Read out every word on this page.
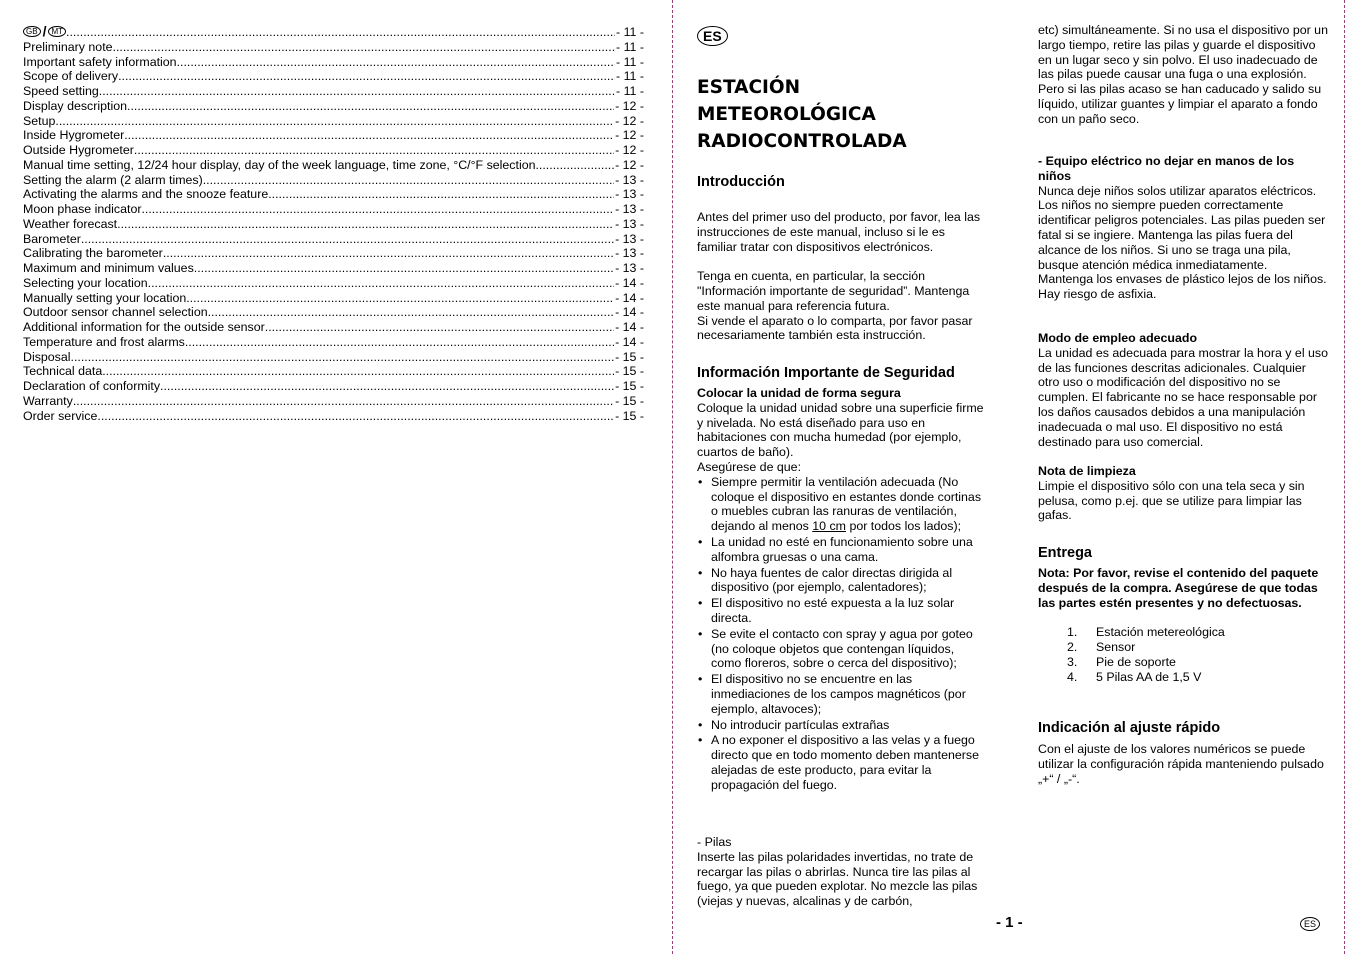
GB / MT .....	- 11 -
Preliminary note .....	- 11 -
Important safety information .....	- 11 -
Scope of delivery .....	- 11 -
Speed setting .....	- 11 -
Display description .....	- 12 -
Setup .....	- 12 -
Inside Hygrometer .....	- 12 -
Outside Hygrometer .....	- 12 -
Manual time setting, 12/24 hour display, day of the week language, time zone, °C/°F selection .....	- 12 -
Setting the alarm (2 alarm times) .....	- 13 -
Activating the alarms and the snooze feature .....	- 13 -
Moon phase indicator .....	- 13 -
Weather forecast .....	- 13 -
Barometer .....	- 13 -
Calibrating the barometer .....	- 13 -
Maximum and minimum values .....	- 13 -
Selecting your location .....	- 14 -
Manually setting your location .....	- 14 -
Outdoor sensor channel selection .....	- 14 -
Additional information for the outside sensor .....	- 14 -
Temperature and frost alarms .....	- 14 -
Disposal .....	- 15 -
Technical data .....	- 15 -
Declaration of conformity .....	- 15 -
Warranty .....	- 15 -
Order service .....	- 15 -
ES
ESTACIÓN
METEOROLÓGICA
RADIOCONTROLADA
Introducción

Antes del primer uso del producto, por favor, lea las instrucciones de este manual, incluso si le es familiar tratar con dispositivos electrónicos.

Tenga en cuenta, en particular, la sección "Información importante de seguridad”. Mantenga este manual para referencia futura.

Si vende el aparato o lo comparta, por favor pasar necesariamente también esta instrucción.

Información Importante de Seguridad

Colocar la unidad de forma segura

Coloque la unidad unidad sobre una superficie firme y nivelada. No está diseñado para uso en habitaciones con mucha humedad (por ejemplo, cuartos de baño).

Asegúrese de que:

• Siempre permitir la ventilación adecuada (No coloque el dispositivo en estantes donde cortinas o muebles cubran las ranuras de ventilación, dejando al menos 10 cm por todos los lados);
• La unidad no esté en funcionamiento sobre una alfombra gruesas o una cama.
• No haya fuentes de calor directas dirigida al dispositivo (por ejemplo, calentadores);
• El dispositivo no esté expuesta a la luz solar directa.
• Se evite el contacto con spray y agua por goteo (no coloque objetos que contengan líquidos, como floreros, sobre o cerca del dispositivo);
• El dispositivo no se encuentre en las inmediaciones de los campos magnéticos (por ejemplo, altavoces);
• No introducir partículas extrañas
• A no exponer el dispositivo a las velas y a fuego directo que en todo momento deben mantenerse alejadas de este producto, para evitar la propagación del fuego.

- Pilas

Inserte las pilas polaridades invertidas, no trate de recargar las pilas o abrirlas. Nunca tire las pilas al fuego, ya que pueden explotar. No mezcle las pilas (viejas y nuevas, alcalinas y de carbón,

etc) simultáneamente. Si no usa el dispositivo por un largo tiempo, retire las pilas y guarde el dispositivo en un lugar seco y sin polvo. El uso inadecuado de las pilas puede causar una fuga o una explosión.

Pero si las pilas acaso se han caducado y salido su líquido, utilizar guantes y limpiar el aparato a fondo con un paño seco.

- Equipo eléctrico no dejar en manos de los niños

Nunca deje niños solos utilizar aparatos eléctricos. Los niños no siempre pueden correctamente identificar peligros potenciales. Las pilas pueden ser fatal si se ingiere. Mantenga las pilas fuera del alcance de los niños. Si uno se traga una pila, busque atención médica inmediatamente.

Mantenga los envases de plástico lejos de los niños. Hay riesgo de asfixia.

Modo de empleo adecuado

La unidad es adecuada para mostrar la hora y el uso de las funciones descritas adicionales. Cualquier otro uso o modificación del dispositivo no se cumplen. El fabricante no se hace responsable por los daños causados debidos a una manipulación inadecuada o mal uso. El dispositivo no está destinado para uso comercial.

Nota de limpieza

Limpie el dispositivo sólo con una tela seca y sin pelusa, como p.ej. que se utilize para limpiar las gafas.

Entrega

Nota: Por favor, revise el contenido del paquete después de la compra. Asegúrese de que todas las partes estén presentes y no defectuosas.

1.	Estación metereológica
2.	Sensor
3.	Pie de soporte
4.	5 Pilas AA de 1,5 V
Indicación al ajuste rápido

Con el ajuste de los valores numéricos se puede utilizar la configuración rápida manteniendo pulsado „+“ / „-“.

- 1 -	ES
